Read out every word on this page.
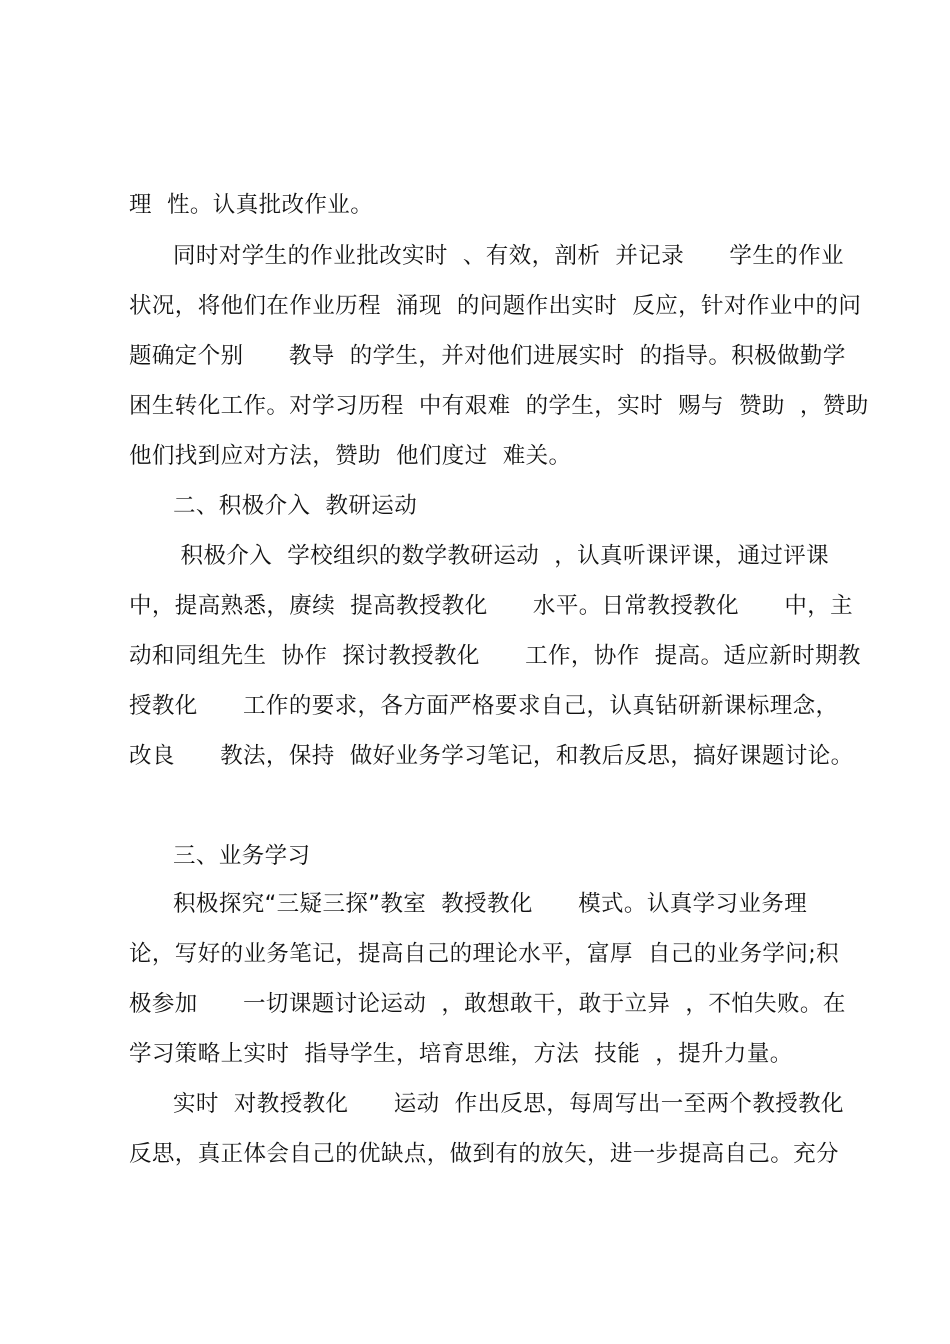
理  性。认真批改作业。
同时对学生的作业批改实时  、有效，剖析  并记录      学生的作业
状况，将他们在作业历程  涌现  的问题作出实时  反应，针对作业中的问
题确定个别      教导  的学生，并对他们进展实时  的指导。积极做勤学
困生转化工作。对学习历程  中有艰难  的学生，实时  赐与  赞助  ，赞助
他们找到应对方法，赞助  他们度过  难关。
二、积极介入  教研运动
积极介入  学校组织的数学教研运动  ，认真听课评课，通过评课
中，提高熟悉，赓续  提高教授教化      水平。日常教授教化      中，主
动和同组先生  协作  探讨教授教化      工作，协作  提高。适应新时期教
授教化      工作的要求，各方面严格要求自己，认真钻研新课标理念，
改良      教法，保持  做好业务学习笔记，和教后反思，搞好课题讨论。
三、业务学习
积极探究“三疑三探”教室  教授教化      模式。认真学习业务理
论，写好的业务笔记，提高自己的理论水平，富厚  自己的业务学问;积
极参加      一切课题讨论运动  ，敢想敢干，敢于立异  ，不怕失败。在
学习策略上实时  指导学生，培育思维，方法  技能  ，提升力量。
实时  对教授教化      运动  作出反思，每周写出一至两个教授教化
反思，真正体会自己的优缺点，做到有的放矢，进一步提高自己。充分
